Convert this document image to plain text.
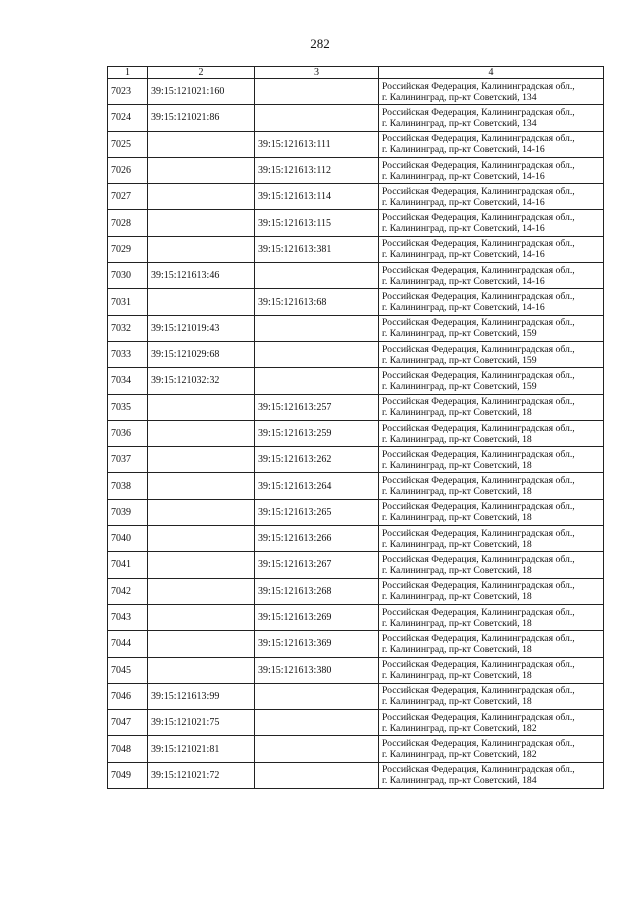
282
1	2	3	4
7023	39:15:121021:160		Российская Федерация, Калининградская обл.,
г. Калининград, пр-кт Советский, 134

7024	39:15:121021:86		Российская Федерация, Калининградская обл.,
г. Калининград, пр-кт Советский, 134

7025		39:15:121613:111	Российская Федерация, Калининградская обл.,
г. Калининград, пр-кт Советский, 14-16

7026		39:15:121613:112	Российская Федерация, Калининградская обл.,
г. Калининград, пр-кт Советский, 14-16

7027		39:15:121613:114	Российская Федерация, Калининградская обл.,
г. Калининград, пр-кт Советский, 14-16

7028		39:15:121613:115	Российская Федерация, Калининградская обл.,
г. Калининград, пр-кт Советский, 14-16

7029		39:15:121613:381	Российская Федерация, Калининградская обл.,
г. Калининград, пр-кт Советский, 14-16

7030	39:15:121613:46		Российская Федерация, Калининградская обл.,
г. Калининград, пр-кт Советский, 14-16

7031		39:15:121613:68	Российская Федерация, Калининградская обл.,
г. Калининград, пр-кт Советский, 14-16

7032	39:15:121019:43		Российская Федерация, Калининградская обл.,
г. Калининград, пр-кт Советский, 159

7033	39:15:121029:68		Российская Федерация, Калининградская обл.,
г. Калининград, пр-кт Советский, 159

7034	39:15:121032:32		Российская Федерация, Калининградская обл.,
г. Калининград, пр-кт Советский, 159

7035		39:15:121613:257	Российская Федерация, Калининградская обл.,
г. Калининград, пр-кт Советский, 18

7036		39:15:121613:259	Российская Федерация, Калининградская обл.,
г. Калининград, пр-кт Советский, 18

7037		39:15:121613:262	Российская Федерация, Калининградская обл.,
г. Калининград, пр-кт Советский, 18

7038		39:15:121613:264	Российская Федерация, Калининградская обл.,
г. Калининград, пр-кт Советский, 18

7039		39:15:121613:265	Российская Федерация, Калининградская обл.,
г. Калининград, пр-кт Советский, 18

7040		39:15:121613:266	Российская Федерация, Калининградская обл.,
г. Калининград, пр-кт Советский, 18

7041		39:15:121613:267	Российская Федерация, Калининградская обл.,
г. Калининград, пр-кт Советский, 18

7042		39:15:121613:268	Российская Федерация, Калининградская обл.,
г. Калининград, пр-кт Советский, 18

7043		39:15:121613:269	Российская Федерация, Калининградская обл.,
г. Калининград, пр-кт Советский, 18

7044		39:15:121613:369	Российская Федерация, Калининградская обл.,
г. Калининград, пр-кт Советский, 18

7045		39:15:121613:380	Российская Федерация, Калининградская обл.,
г. Калининград, пр-кт Советский, 18

7046	39:15:121613:99		Российская Федерация, Калининградская обл.,
г. Калининград, пр-кт Советский, 18

7047	39:15:121021:75		Российская Федерация, Калининградская обл.,
г. Калининград, пр-кт Советский, 182

7048	39:15:121021:81		Российская Федерация, Калининградская обл.,
г. Калининград, пр-кт Советский, 182

7049	39:15:121021:72		Российская Федерация, Калининградская обл.,
г. Калининград, пр-кт Советский, 184
